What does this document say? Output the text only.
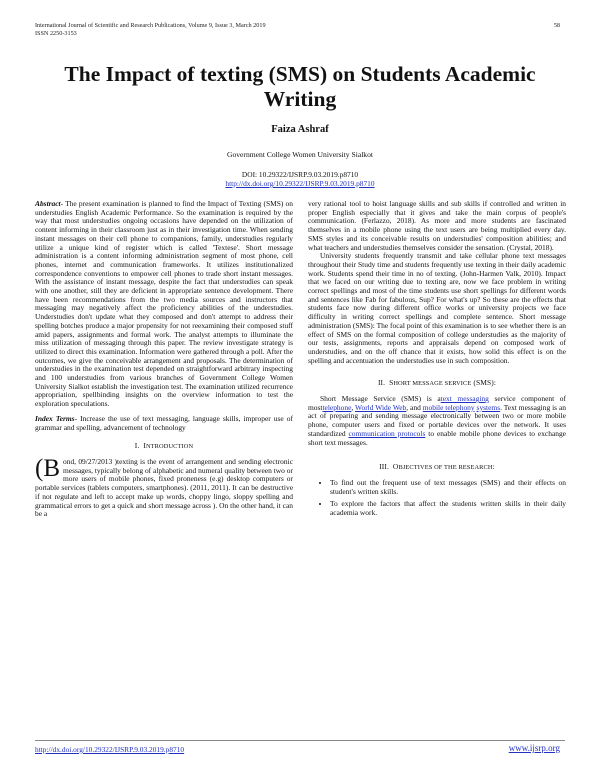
International Journal of Scientific and Research Publications, Volume 9, Issue 3, March 2019
ISSN 2250-3153
58
The Impact of texting (SMS) on Students Academic Writing
Faiza Ashraf
Government College Women University Sialkot
DOI: 10.29322/IJSRP.9.03.2019.p8710
http://dx.doi.org/10.29322/IJSRP.9.03.2019.p8710

Abstract- The present examination is planned to find the Impact of Texting (SMS) on understudies English Academic Performance. So the examination is required by the way that most understudies ongoing occasions have depended on the utilization of content informing in their classroom just as in their investigation time. When sending instant messages on their cell phone to companions, family, understudies regularly utilize a unique kind of register which is called 'Textese'. Short message administration is a content informing administration segment of most phone, cell phones, internet and communication frameworks. It utilizes institutionalized correspondence conventions to empower cell phones to trade short instant messages. With the assistance of instant message, despite the fact that understudies can speak with one another, still they are deficient in appropriate sentence development. There have been recommendations from the two media sources and instructors that messaging may negatively affect the proficiency abilities of the understudies. Understudies don't update what they composed and don't attempt to address their spelling botches produce a major propensity for not reexamining their composed stuff amid papers, assignments and formal work. The analyst attempts to illuminate the miss utilization of messaging through this paper. The review investigate strategy is utilized to direct this examination. Information were gathered through a poll. After the outcomes, we give the conceivable arrangement and proposals. The determination of understudies in the examination test depended on straightforward arbitrary inspecting and 100 understudies from various branches of Government College Women University Sialkot establish the investigation test. The examination utilized recurrence appropriation, spellbinding insights on the overview information to test the exploration speculations.

Index Terms- Increase the use of text messaging, language skills, improper use of grammar and spelling, advancement of technology

I. INTRODUCTION

(Bond, 09/27/2013 )texting is the event of arrangement and sending electronic messages, typically belong of alphabetic and numeral quality between two or more users of mobile phones, fixed proneness (e.g) desktop computers or portable services (tablets computers, smartphones). (2011, 2011). It can be destructive if not regulate and left to accept make up words, choppy lingo, sloppy spelling and grammatical errors to get a quick and short message across ). On the other hand, it can be a

very rational tool to hoist language skills and sub skills if controlled and written in proper English especially that it gives and take the main corpus of people's communication. (Ferlazzo, 2018). As more and more students are fascinated themselves in a mobile phone using the text users are being multiplied every day. SMS styles and its conceivable results on understudies' composition abilities; and what teachers and understudies themselves consider the sensation. (Crystal, 2018).

University students frequently transmit and take cellular phone text messages throughout their Study time and students frequently use texting in their daily academic work. Students spend their time in no of texting. (John-Harmen Valk, 2010). Impact that we faced on our writing due to texting are, now we face problem in writing correct spellings and most of the time students use short spellings for different words and sentences like Fab for fabulous, Sup? For what's up? So these are the effects that students face now during different office works or university projects we face difficulty in writing correct spellings and complete sentence. Short message administration (SMS): The focal point of this examination is to see whether there is an effect of SMS on the formal composition of college understudies as the majority of our tests, assignments, reports and appraisals depend on composed work of understudies, and on the off chance that it exists, how solid this effect is on the spelling and accentuation the understudies use in such composition.

II. SHORT MESSAGE SERVICE (SMS):

Short Message Service (SMS) is atext messaging service component of mosttelephone, World Wide Web, and mobile telephony systems. Text messaging is an act of preparing and sending message electronically between two or more mobile phone, computer users and fixed or portable devices over the network. It uses standardized communication protocols to enable mobile phone devices to exchange short text messages.

III. OBJECTIVES OF THE RESEARCH:
• To find out the frequent use of text messages (SMS) and their effects on student's written skills.
• To explore the factors that affect the students written skills in their daily academia work.
http://dx.doi.org/10.29322/IJSRP.9.03.2019.p8710	www.ijsrp.org
